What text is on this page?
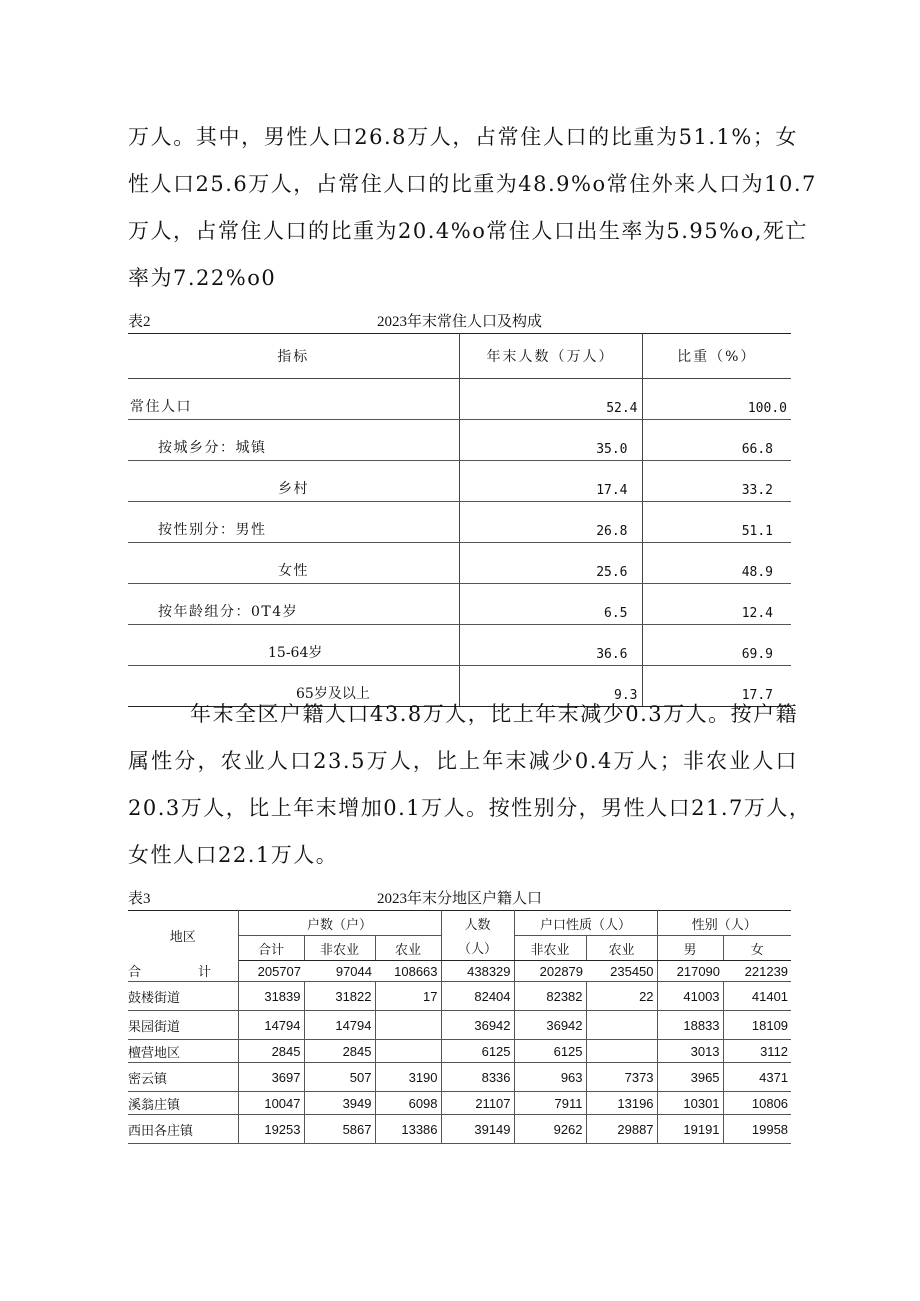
万人。其中，男性人口26.8万人，占常住人口的比重为51.1%；女
性人口25.6万人，占常住人口的比重为48.9%o常住外来人口为10.7
万人，占常住人口的比重为20.4%o常住人口出生率为5.95%o,死亡
率为7.22%o0
表2	2023年末常住人口及构成
指标	年末人数（万人）	比重（%）
常住人口	52.4	100.0
按城乡分：城镇	35.0	66.8
乡村	17.4	33.2
按性别分：男性	26.8	51.1
女性	25.6	48.9
按年龄组分：0T4岁	6.5	12.4
15-64岁	36.6	69.9
65岁及以上	9.3	17.7
年末全区户籍人口43.8万人，比上年末减少0.3万人。按户籍
属性分，农业人口23.5万人，比上年末减少0.4万人；非农业人口
20.3万人，比上年末增加0.1万人。按性别分，男性人口21.7万人，
女性人口22.1万人。
表3	2023年末分地区户籍人口
地区	户数（户）			人数	户口性质（人）		性别（人）	
	合计	非农业	农业	（人）	非农业	农业	男	女
合 计	205707	97044	108663	438329	202879	235450	217090	221239
鼓楼街道	31839	31822	17	82404	82382	22	41003	41401
果园街道	14794	14794		36942	36942		18833	18109
檀营地区	2845	2845		6125	6125		3013	3112
密云镇	3697	507	3190	8336	963	7373	3965	4371
溪翁庄镇	10047	3949	6098	21107	7911	13196	10301	10806
西田各庄镇	19253	5867	13386	39149	9262	29887	19191	19958
